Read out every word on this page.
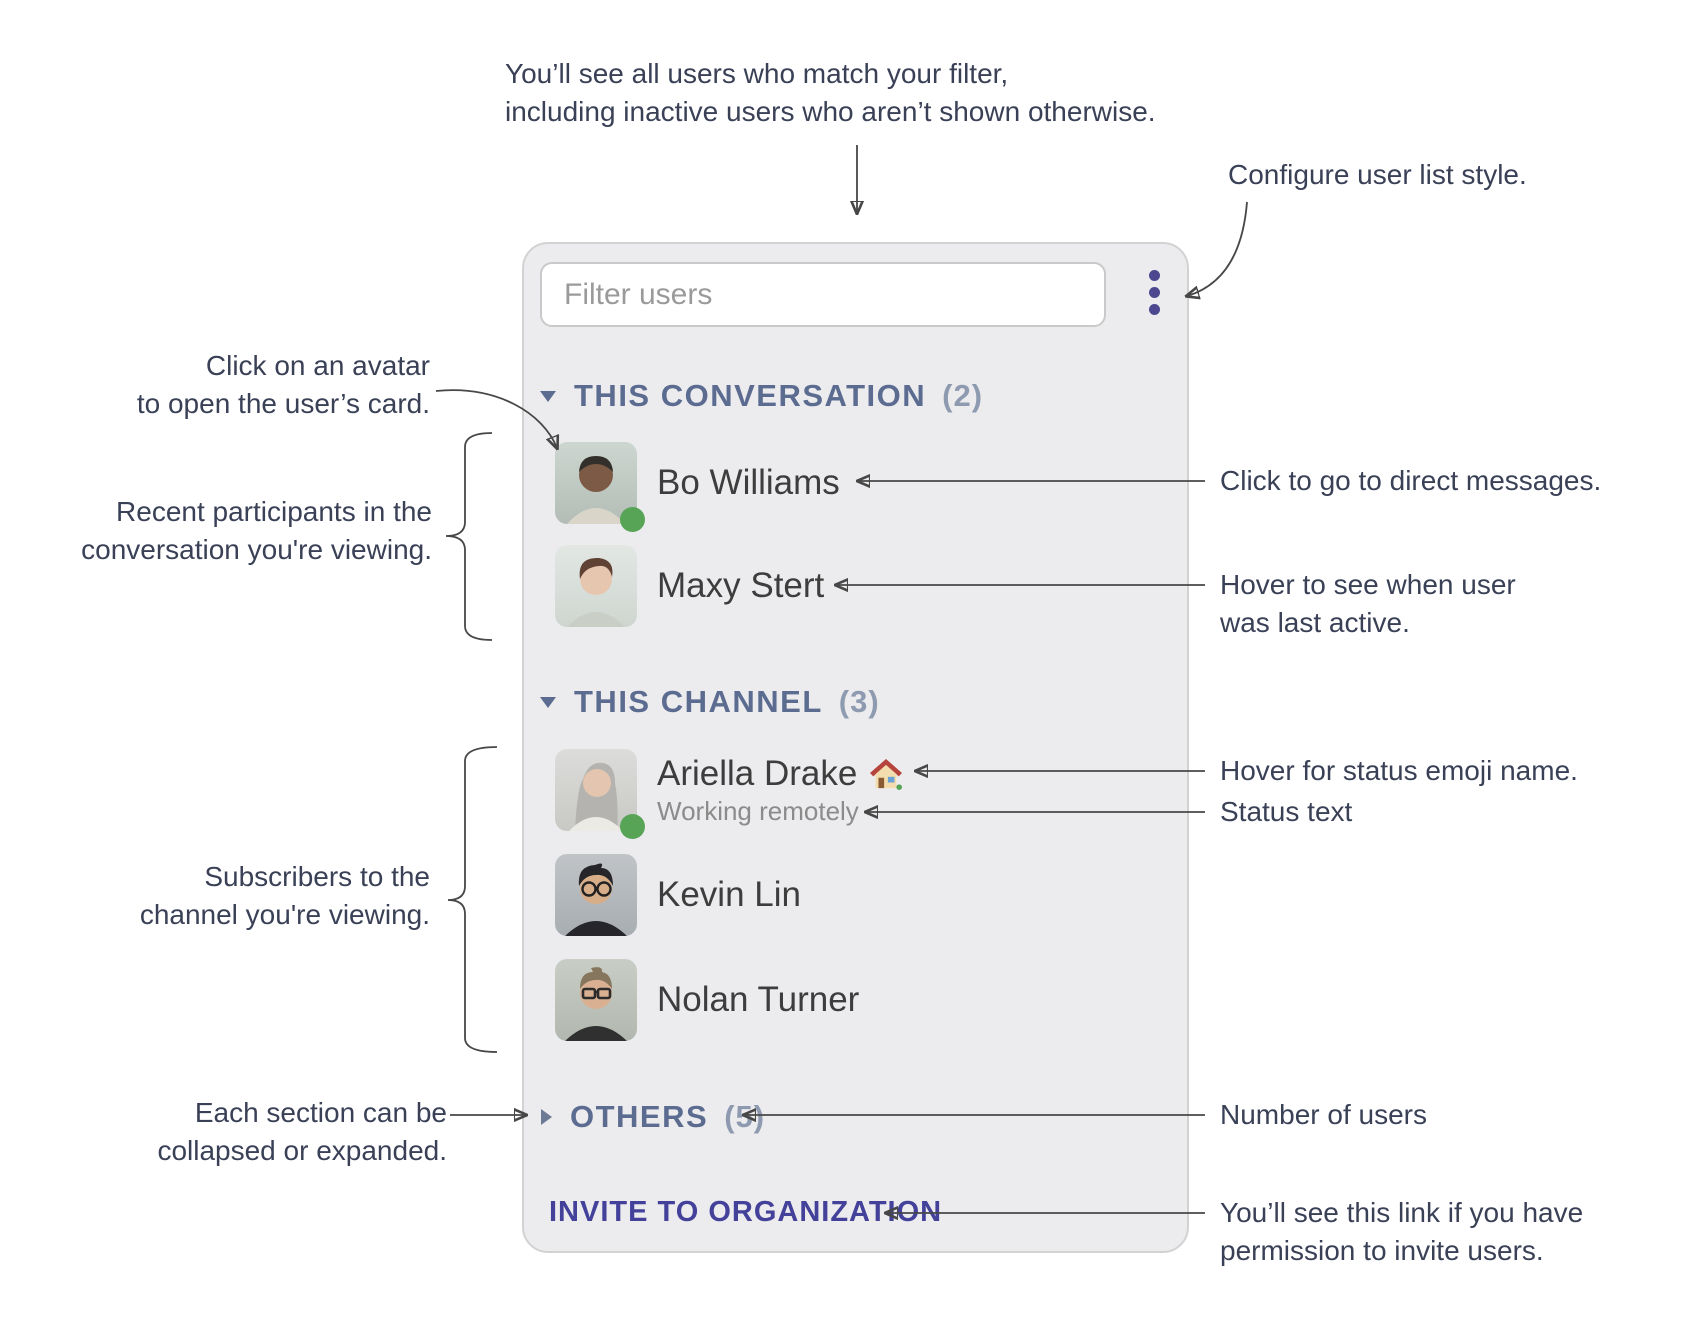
You’ll see all users who match your filter,
including inactive users who aren’t shown otherwise.
Configure user list style.
Click on an avatar
to open the user’s card.
Recent participants in the
conversation you're viewing.
Subscribers to the
channel you're viewing.
Each section can be
collapsed or expanded.
Click to go to direct messages.
Hover to see when user
was last active.
Hover for status emoji name.
Status text
Number of users
You’ll see this link if you have
permission to invite users.
Filter users
THIS CONVERSATION (2)
Bo Williams
Maxy Stert
THIS CHANNEL (3)
Ariella Drake
Working remotely
Kevin Lin
Nolan Turner
OTHERS (5)
INVITE TO ORGANIZATION
